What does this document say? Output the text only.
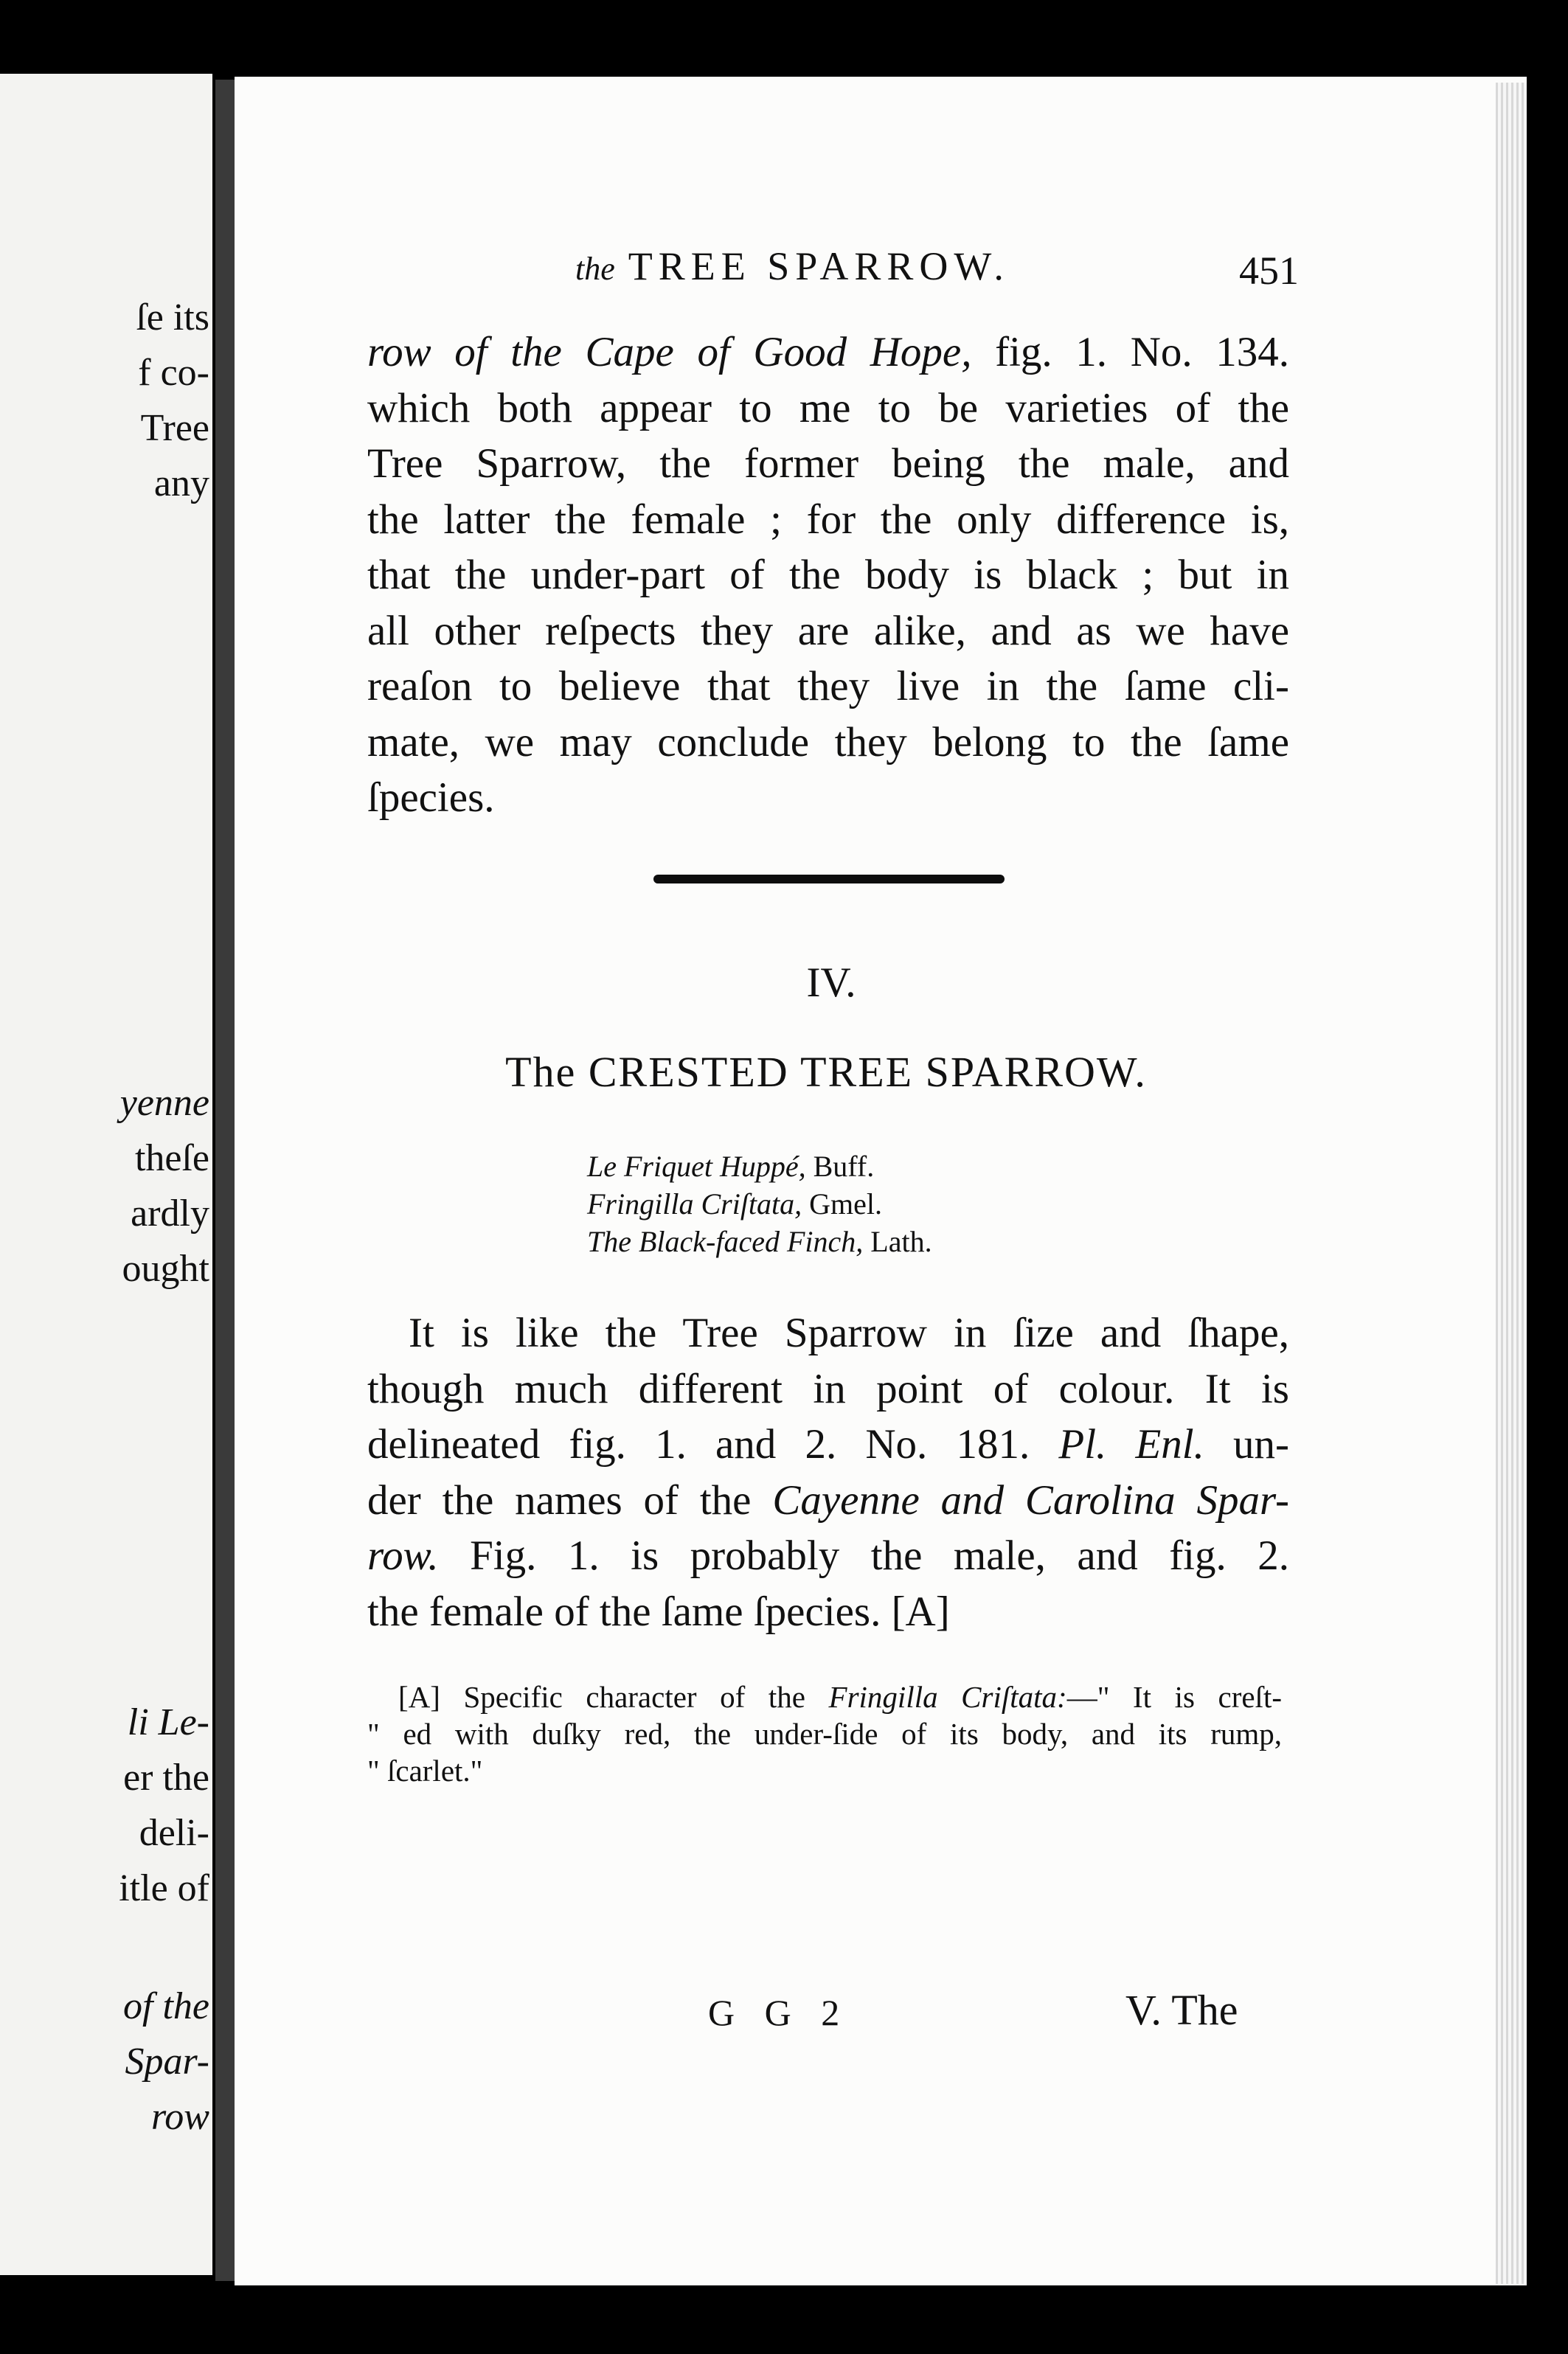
ſe its
f co-
Tree
any
yenne
theſe
ardly
ought
li Le-
er the
deli-
itle of
of the
Spar-
row
the TREE SPARROW.	451
row of the Cape of Good Hope, fig. 1. No. 134.
which both appear to me to be varieties of the
Tree Sparrow, the former being the male, and
the latter the female ; for the only difference is,
that the under-part of the body is black ; but in
all other reſpects they are alike, and as we have
reaſon to believe that they live in the ſame cli-
mate, we may conclude they belong to the ſame
ſpecies.
IV.
The CRESTED TREE SPARROW.
Le Friquet Huppé, Buff.
Fringilla Criſtata, Gmel.
The Black-faced Finch, Lath.
It is like the Tree Sparrow in ſize and ſhape,
though much different in point of colour. It is
delineated fig. 1. and 2. No. 181. Pl. Enl. un-
der the names of the Cayenne and Carolina Spar-
row. Fig. 1. is probably the male, and fig. 2.
the female of the ſame ſpecies. [A]
[A] Specific character of the Fringilla Criſtata:—" It is creſt-
" ed with duſky red, the under-ſide of its body, and its rump,
" ſcarlet."
G G 2	V. The
